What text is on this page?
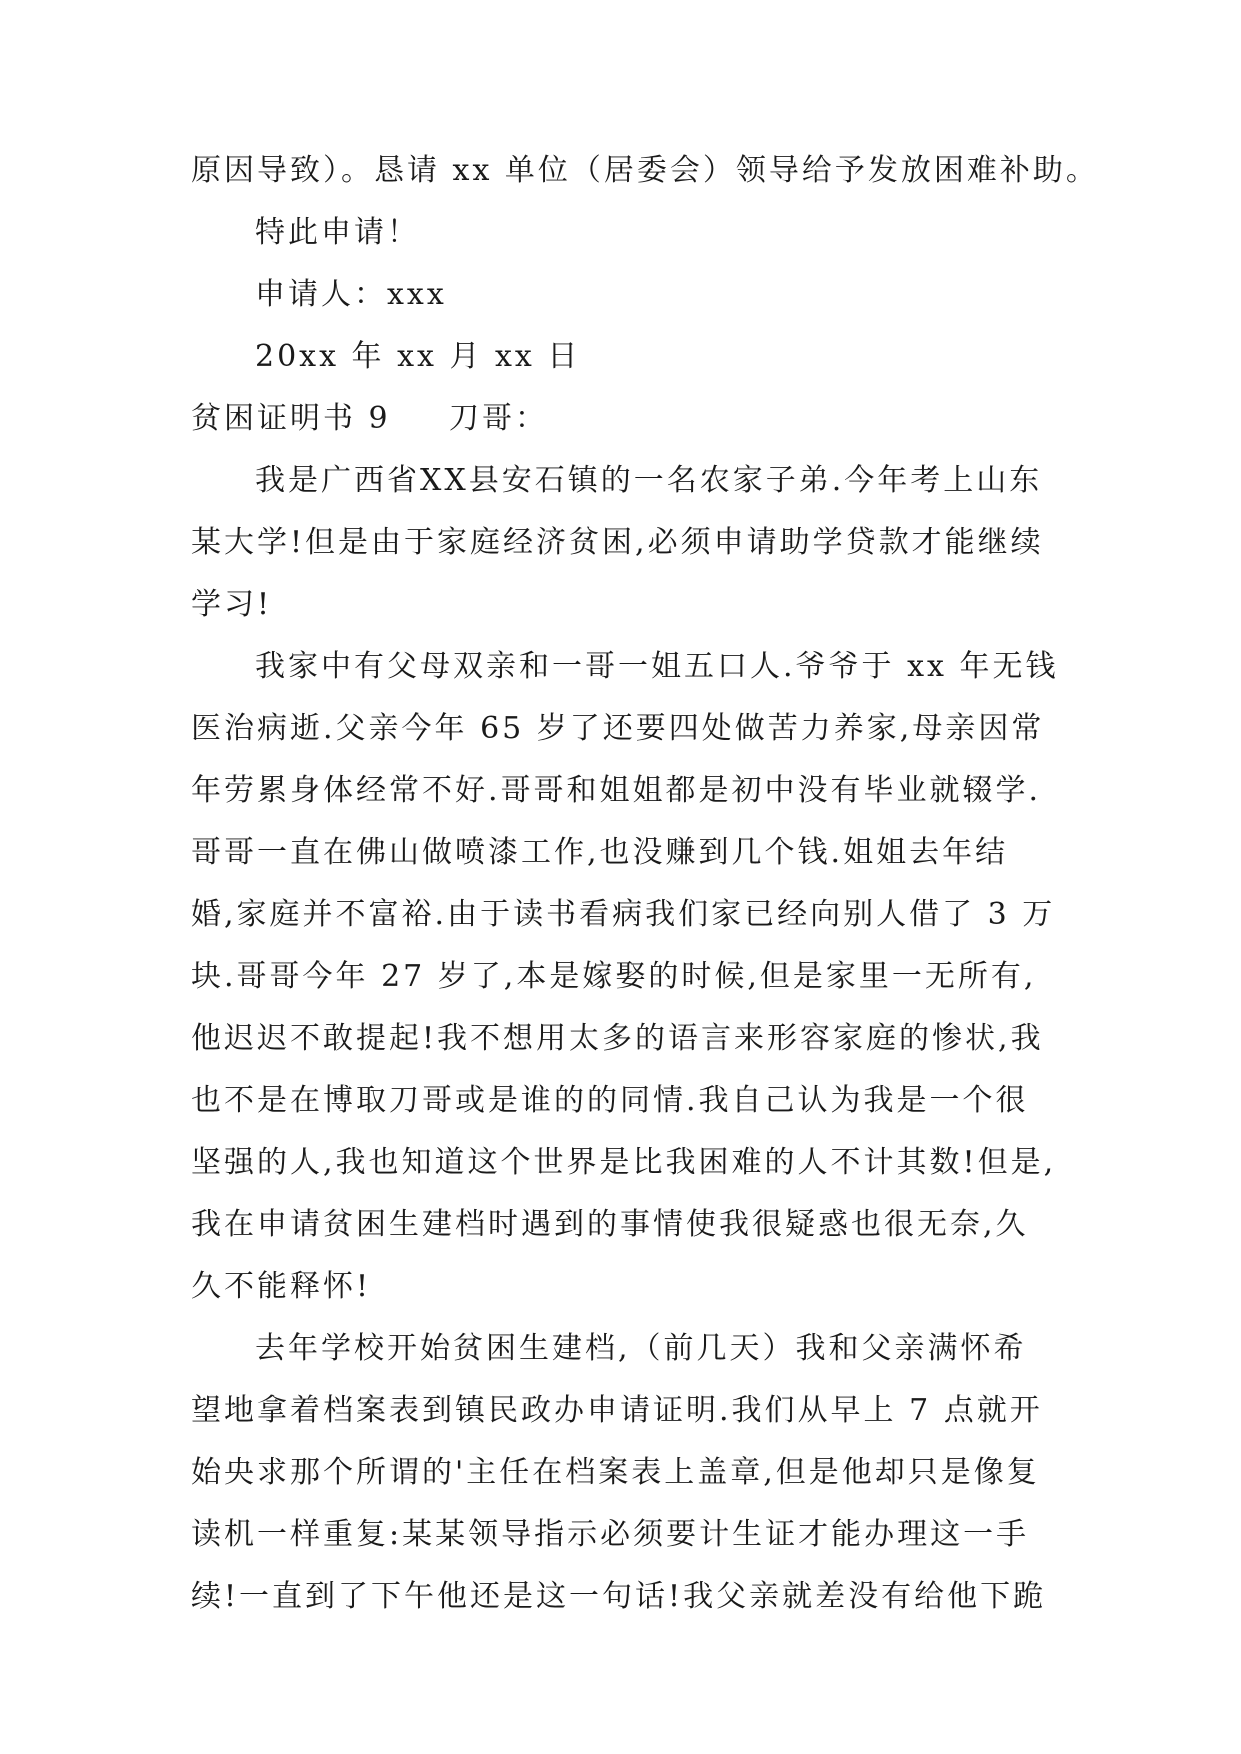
原因导致）。恳请 xx 单位（居委会）领导给予发放困难补助。
特此申请！
申请人：xxx
20xx 年 xx 月 xx 日
贫困证明书 9 刀哥：
我是广西省XX县安石镇的一名农家子弟.今年考上山东
某大学!但是由于家庭经济贫困,必须申请助学贷款才能继续
学习!
我家中有父母双亲和一哥一姐五口人.爷爷于 xx 年无钱
医治病逝.父亲今年 65 岁了还要四处做苦力养家,母亲因常
年劳累身体经常不好.哥哥和姐姐都是初中没有毕业就辍学.
哥哥一直在佛山做喷漆工作,也没赚到几个钱.姐姐去年结
婚,家庭并不富裕.由于读书看病我们家已经向别人借了 3 万
块.哥哥今年 27 岁了,本是嫁娶的时候,但是家里一无所有,
他迟迟不敢提起!我不想用太多的语言来形容家庭的惨状,我
也不是在博取刀哥或是谁的的同情.我自己认为我是一个很
坚强的人,我也知道这个世界是比我困难的人不计其数!但是,
我在申请贫困生建档时遇到的事情使我很疑惑也很无奈,久
久不能释怀!
去年学校开始贫困生建档,（前几天）我和父亲满怀希
望地拿着档案表到镇民政办申请证明.我们从早上 7 点就开
始央求那个所谓的'主任在档案表上盖章,但是他却只是像复
读机一样重复:某某领导指示必须要计生证才能办理这一手
续!一直到了下午他还是这一句话!我父亲就差没有给他下跪
